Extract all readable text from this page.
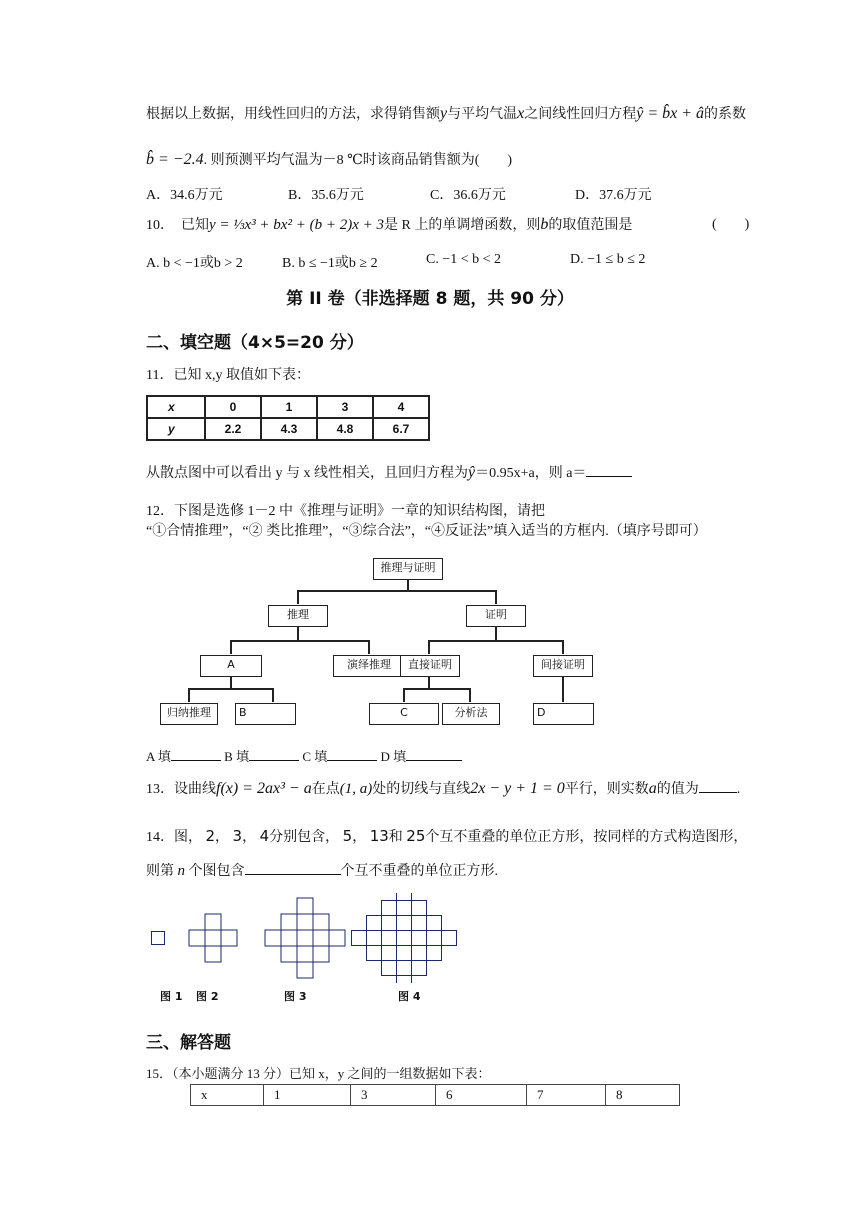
根据以上数据，用线性回归的方法，求得销售额y与平均气温x之间线性回归方程ŷ = b̂x + â的系数
b̂ = −2.4. 则预测平均气温为－8 ℃时该商品销售额为(　　)
A．34.6万元	B．35.6万元	C．36.6万元	D．37.6万元
10． 已知y = ⅓x³ + bx² + (b + 2)x + 3是 R 上的单调增函数，则b的取值范围是	(　　)
A. b < −1或b > 2	B. b ≤ −1或b ≥ 2	C. −1 < b < 2	D. −1 ≤ b ≤ 2
第 II 卷（非选择题 8 题，共 90 分）
二、填空题（4×5=20 分）
11．已知 x,y 取值如下表：
x	0	1	3	4
y	2.2	4.3	4.8	6.7
从散点图中可以看出 y 与 x 线性相关，且回归方程为ŷ＝0.95x+a，则 a＝
12．下图是选修 1－2 中《推理与证明》一章的知识结构图，请把
“①合情推理”，“② 类比推理”，“③综合法”，“④反证法”填入适当的方框内.（填序号即可）
推理与证明
推理	证明
A	演绎推理	直接证明	间接证明
归纳推理	B	C	分析法	D
A 填	B 填	C 填	D 填
13．设曲线f(x) = 2ax³ − a在点(1, a)处的切线与直线2x − y + 1 = 0平行，则实数a的值为	.
14．图， 2， 3， 4分别包含， 5， 13和 25个互不重叠的单位正方形，按同样的方式构造图形，
则第 n 个图包含	个互不重叠的单位正方形.
图 1 图 2	图 3	图 4
三、解答题
15．（本小题满分 13 分）已知 x，y 之间的一组数据如下表：
x	1	3	6	7	8
